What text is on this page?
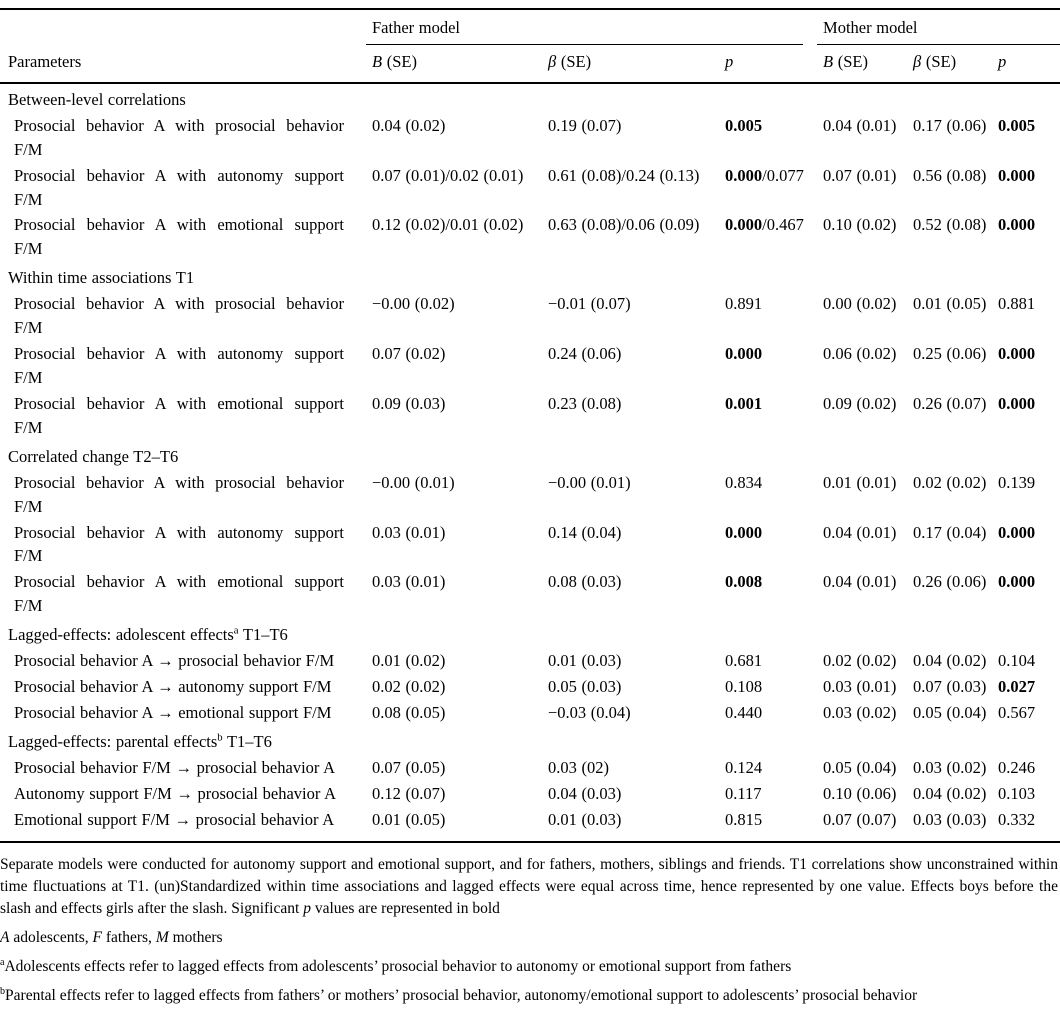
	Father model			Mother model		

Parameters	B (SE)	β (SE)	p	B (SE)	β (SE)	p
Between-level correlations						
Prosocial behavior A with prosocial behavior F/M	0.04 (0.02)	0.19 (0.07)	0.005	0.04 (0.01)	0.17 (0.06)	0.005
Prosocial behavior A with autonomy support F/M	0.07 (0.01)/0.02 (0.01)	0.61 (0.08)/0.24 (0.13)	0.000/0.077	0.07 (0.01)	0.56 (0.08)	0.000
Prosocial behavior A with emotional support F/M	0.12 (0.02)/0.01 (0.02)	0.63 (0.08)/0.06 (0.09)	0.000/0.467	0.10 (0.02)	0.52 (0.08)	0.000
Within time associations T1						
Prosocial behavior A with prosocial behavior F/M	−0.00 (0.02)	−0.01 (0.07)	0.891	0.00 (0.02)	0.01 (0.05)	0.881
Prosocial behavior A with autonomy support F/M	0.07 (0.02)	0.24 (0.06)	0.000	0.06 (0.02)	0.25 (0.06)	0.000
Prosocial behavior A with emotional support F/M	0.09 (0.03)	0.23 (0.08)	0.001	0.09 (0.02)	0.26 (0.07)	0.000
Correlated change T2–T6						
Prosocial behavior A with prosocial behavior F/M	−0.00 (0.01)	−0.00 (0.01)	0.834	0.01 (0.01)	0.02 (0.02)	0.139
Prosocial behavior A with autonomy support F/M	0.03 (0.01)	0.14 (0.04)	0.000	0.04 (0.01)	0.17 (0.04)	0.000
Prosocial behavior A with emotional support F/M	0.03 (0.01)	0.08 (0.03)	0.008	0.04 (0.01)	0.26 (0.06)	0.000
Lagged-effects: adolescent effects$^a$ T1–T6						
Prosocial behavior A → prosocial behavior F/M	0.01 (0.02)	0.01 (0.03)	0.681	0.02 (0.02)	0.04 (0.02)	0.104
Prosocial behavior A → autonomy support F/M	0.02 (0.02)	0.05 (0.03)	0.108	0.03 (0.01)	0.07 (0.03)	0.027
Prosocial behavior A → emotional support F/M	0.08 (0.05)	−0.03 (0.04)	0.440	0.03 (0.02)	0.05 (0.04)	0.567
Lagged-effects: parental effects$^b$ T1–T6						
Prosocial behavior F/M → prosocial behavior A	0.07 (0.05)	0.03 (02)	0.124	0.05 (0.04)	0.03 (0.02)	0.246
Autonomy support F/M → prosocial behavior A	0.12 (0.07)	0.04 (0.03)	0.117	0.10 (0.06)	0.04 (0.02)	0.103
Emotional support F/M → prosocial behavior A	0.01 (0.05)	0.01 (0.03)	0.815	0.07 (0.07)	0.03 (0.03)	0.332

Separate models were conducted for autonomy support and emotional support, and for fathers, mothers, siblings and friends. T1 correlations show unconstrained within time fluctuations at T1. (un)Standardized within time associations and lagged effects were equal across time, hence represented by one value. Effects boys before the slash and effects girls after the slash. Significant p values are represented in bold

A adolescents, F fathers, M mothers

$^a$Adolescents effects refer to lagged effects from adolescents’ prosocial behavior to autonomy or emotional support from fathers

$^b$Parental effects refer to lagged effects from fathers’ or mothers’ prosocial behavior, autonomy/emotional support to adolescents’ prosocial behavior
